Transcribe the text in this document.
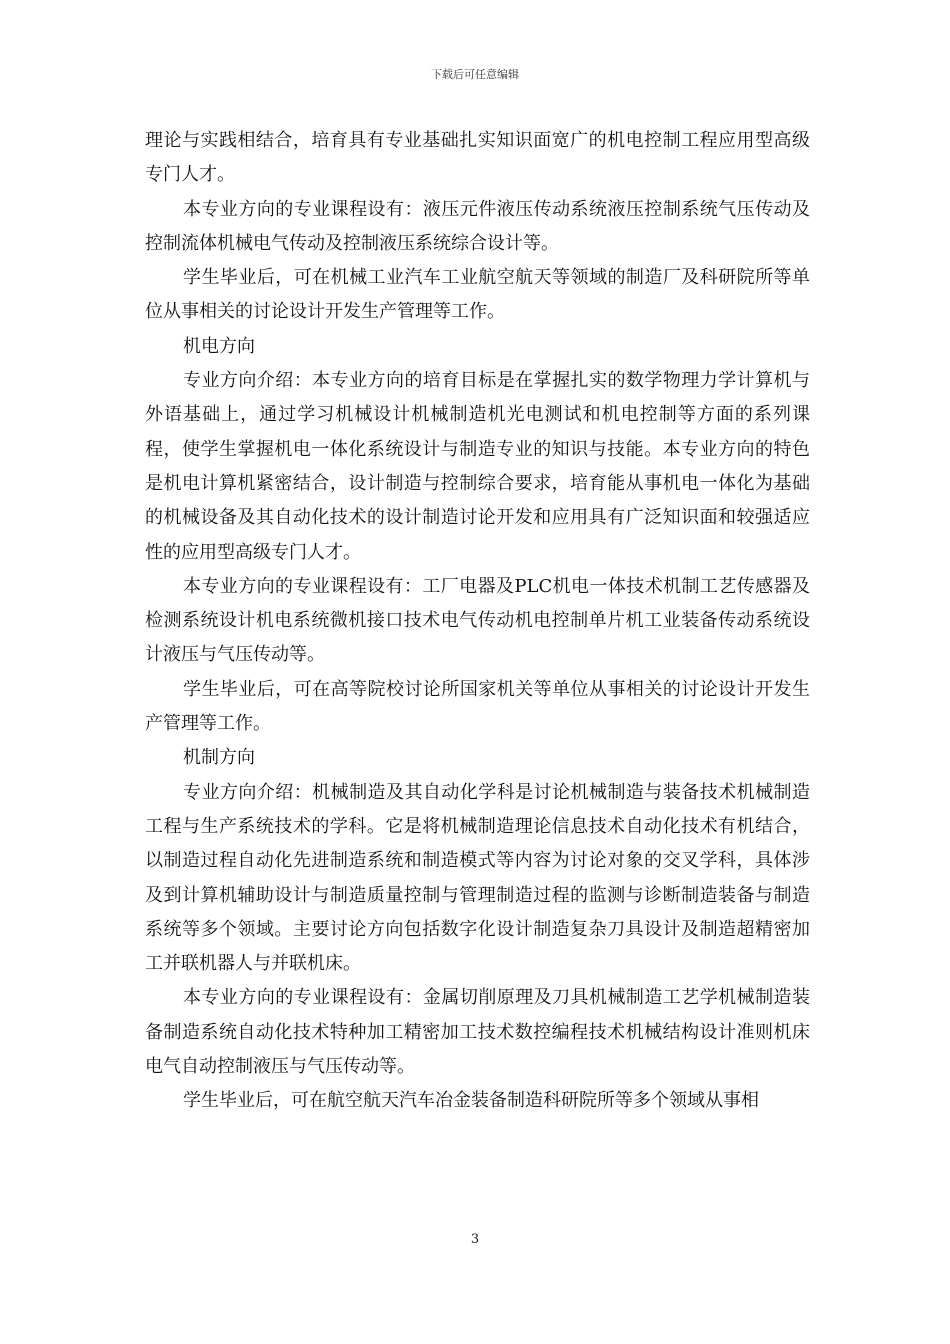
下载后可任意编辑

理论与实践相结合，培育具有专业基础扎实知识面宽广的机电控制工程应用型高级专门人才。

本专业方向的专业课程设有：液压元件液压传动系统液压控制系统气压传动及控制流体机械电气传动及控制液压系统综合设计等。

学生毕业后，可在机械工业汽车工业航空航天等领域的制造厂及科研院所等单位从事相关的讨论设计开发生产管理等工作。

机电方向

专业方向介绍：本专业方向的培育目标是在掌握扎实的数学物理力学计算机与外语基础上，通过学习机械设计机械制造机光电测试和机电控制等方面的系列课程，使学生掌握机电一体化系统设计与制造专业的知识与技能。本专业方向的特色是机电计算机紧密结合，设计制造与控制综合要求，培育能从事机电一体化为基础的机械设备及其自动化技术的设计制造讨论开发和应用具有广泛知识面和较强适应性的应用型高级专门人才。

本专业方向的专业课程设有：工厂电器及PLC机电一体技术机制工艺传感器及检测系统设计机电系统微机接口技术电气传动机电控制单片机工业装备传动系统设计液压与气压传动等。

学生毕业后，可在高等院校讨论所国家机关等单位从事相关的讨论设计开发生产管理等工作。

机制方向

专业方向介绍：机械制造及其自动化学科是讨论机械制造与装备技术机械制造工程与生产系统技术的学科。它是将机械制造理论信息技术自动化技术有机结合，以制造过程自动化先进制造系统和制造模式等内容为讨论对象的交叉学科，具体涉及到计算机辅助设计与制造质量控制与管理制造过程的监测与诊断制造装备与制造系统等多个领域。主要讨论方向包括数字化设计制造复杂刀具设计及制造超精密加工并联机器人与并联机床。

本专业方向的专业课程设有：金属切削原理及刀具机械制造工艺学机械制造装备制造系统自动化技术特种加工精密加工技术数控编程技术机械结构设计准则机床电气自动控制液压与气压传动等。

学生毕业后，可在航空航天汽车冶金装备制造科研院所等多个领域从事相

3
